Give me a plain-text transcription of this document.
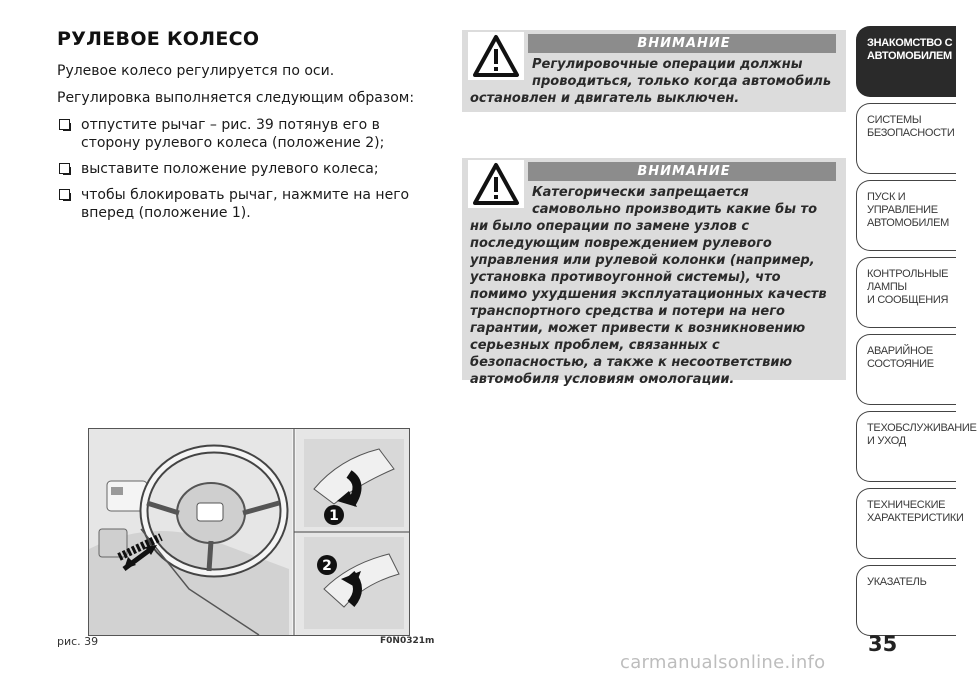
РУЛЕВОЕ КОЛЕСО

Рулевое колесо регулируется по оси.

Регулировка выполняется следующим образом:

отпустите рычаг – рис. 39 потянув его в сторону рулевого колеса (положение 2);
выставите положение рулевого колеса;
чтобы блокировать рычаг, нажмите на него вперед (положение 1).
ВНИМАНИЕ
Регулировочные операции должны проводиться, только когда автомобиль остановлен и двигатель выключен.
ВНИМАНИЕ
Категорически запрещается самовольно производить какие бы то ни было операции по замене узлов с последующим повреждением рулевого управления или рулевой колонки (например, установка противоугонной системы), что помимо ухудшения эксплуатационных качеств транспортного средства и потери на него гарантии, может привести к возникновению серьезных проблем, связанных с безопасностью, а также к несоответствию автомобиля условиям омологации.
1
2
рис. 39	F0N0321m
ЗНАКОМСТВО С
АВТОМОБИЛЕМ
СИСТЕМЫ
БЕЗОПАСНОСТИ
ПУСК И УПРАВЛЕНИЕ
АВТОМОБИЛЕМ
КОНТРОЛЬНЫЕ
ЛАМПЫ
И СООБЩЕНИЯ
АВАРИЙНОЕ
СОСТОЯНИЕ
ТЕХОБСЛУЖИВАНИЕ
И УХОД
ТЕХНИЧЕСКИЕ
ХАРАКТЕРИСТИКИ
УКАЗАТЕЛЬ
35
carmanualsonline.info
